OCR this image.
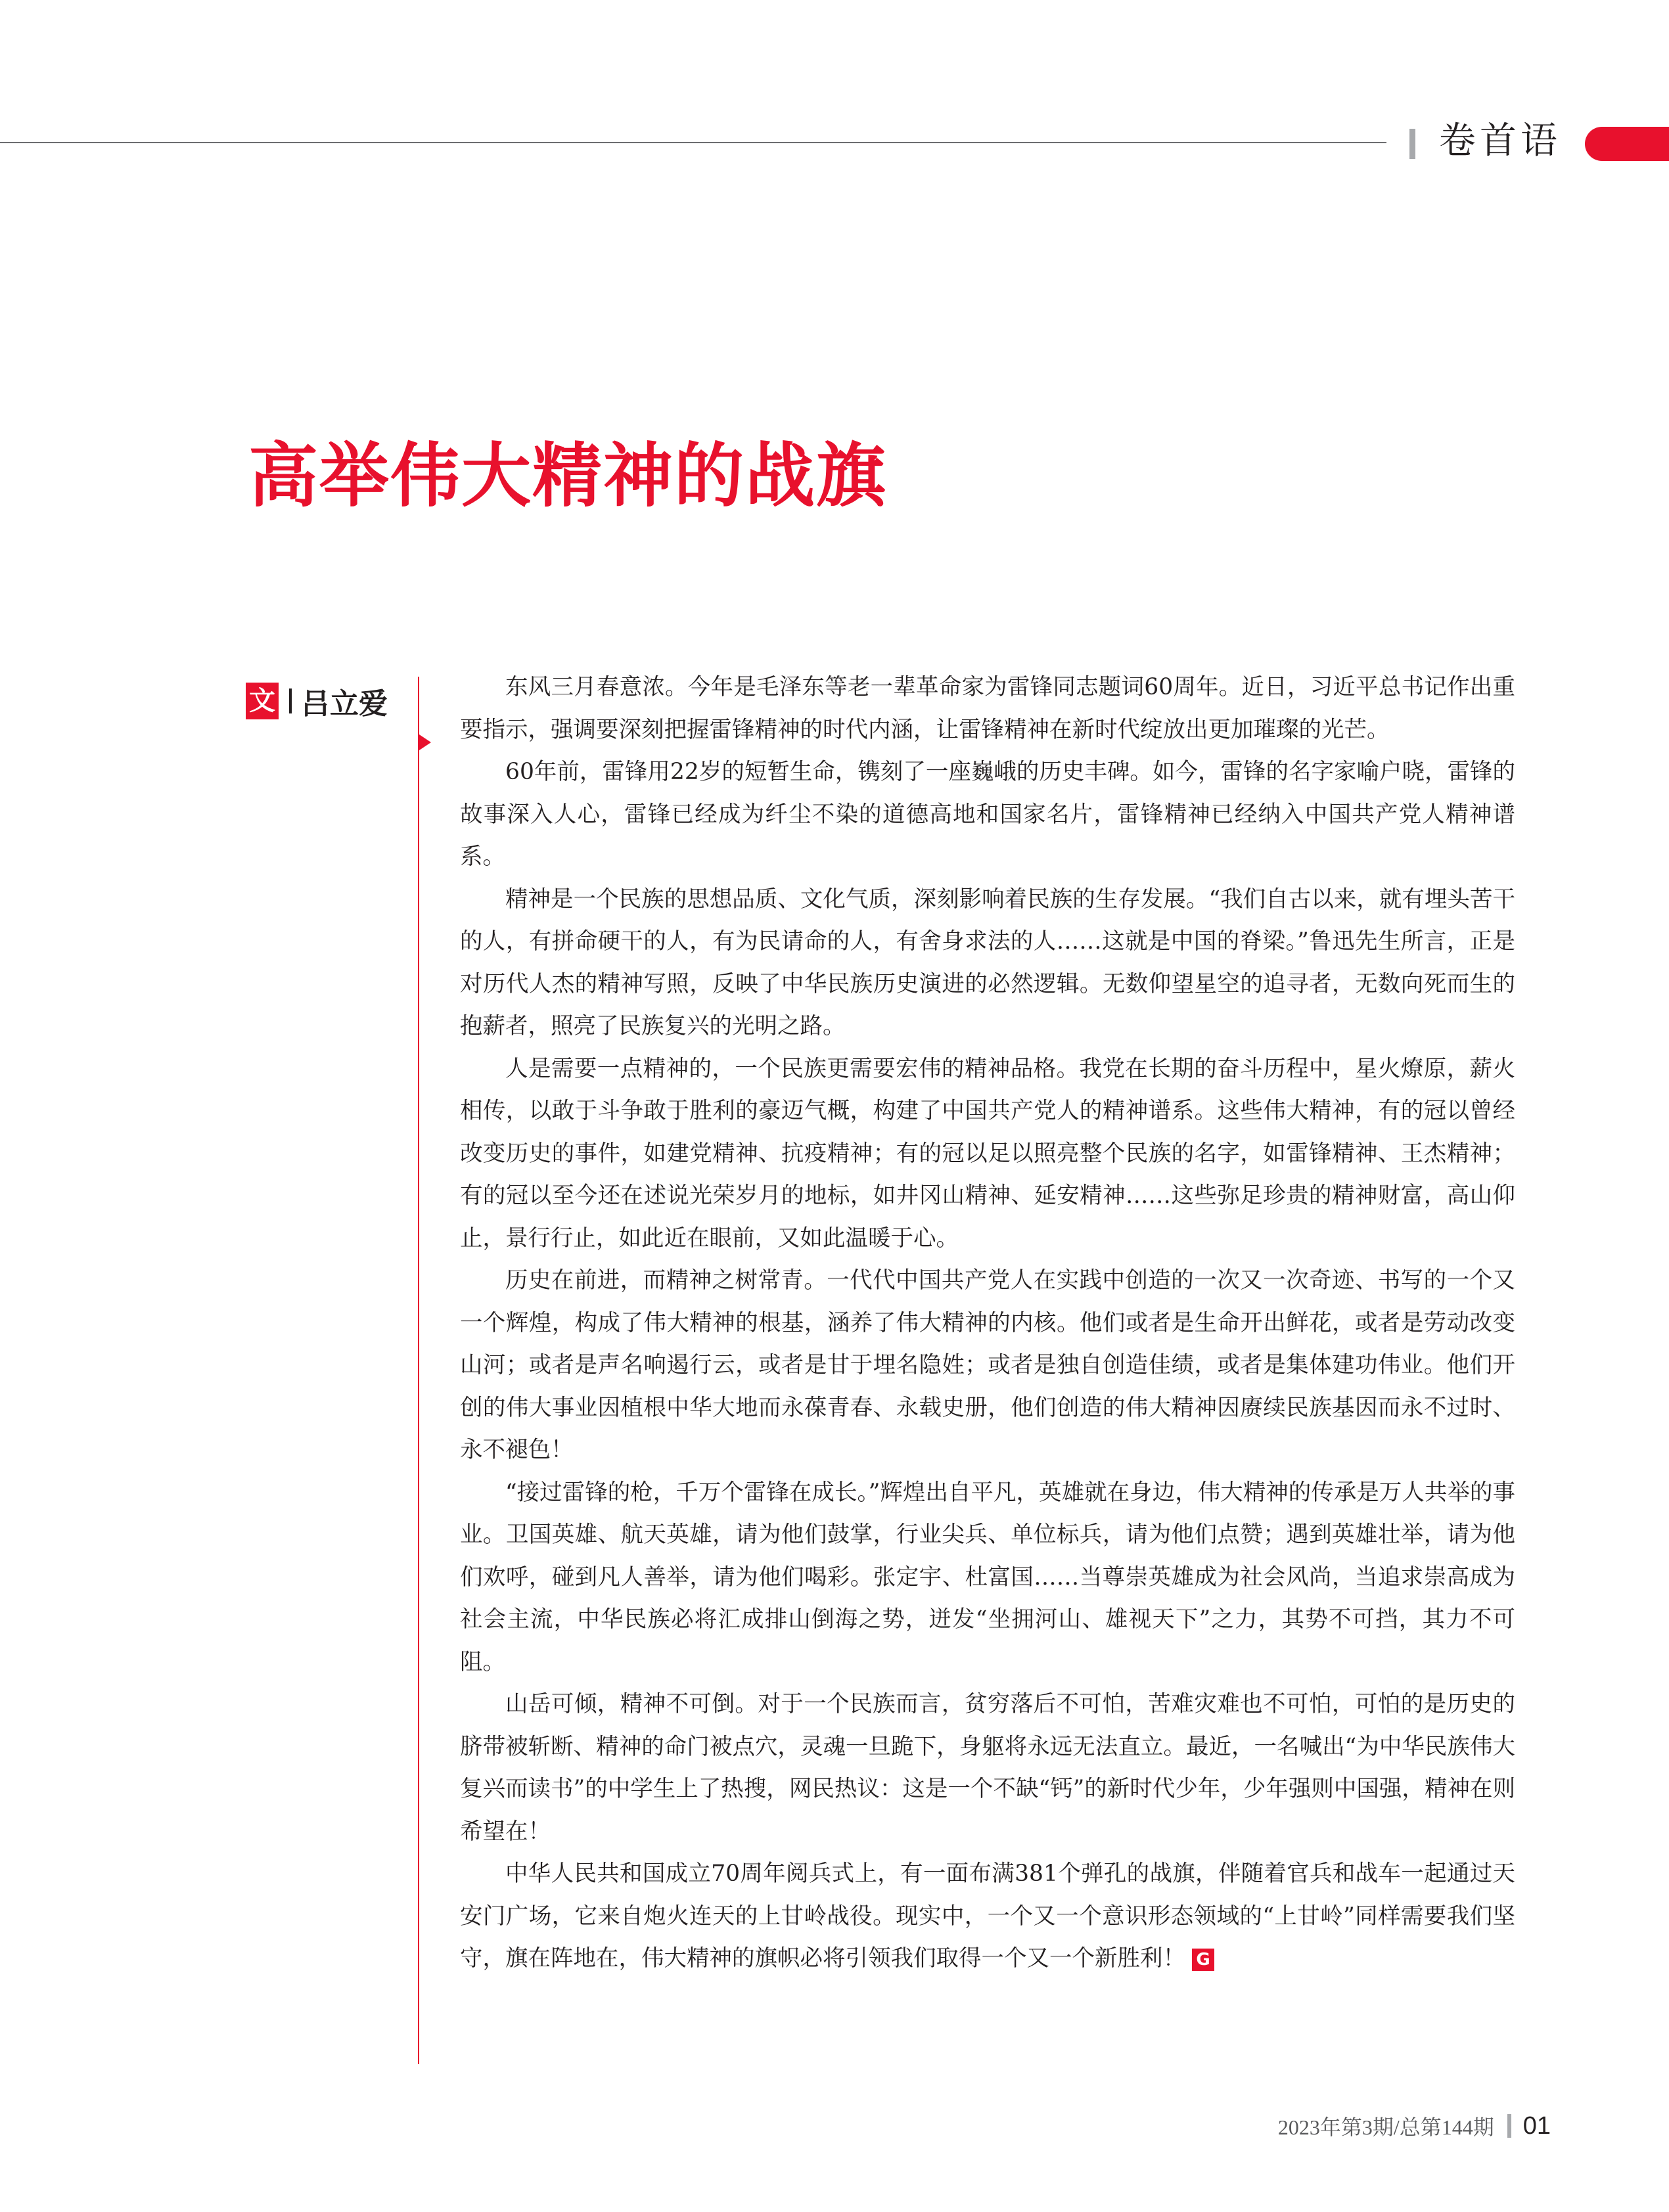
卷首语
高举伟大精神的战旗
文 吕立爱	东风三月春意浓。今年是毛泽东等老一辈革命家为雷锋同志题词60周年。近日，习近平总书记作出重要指示，强调要深刻把握雷锋精神的时代内涵，让雷锋精神在新时代绽放出更加璀璨的光芒。

60年前，雷锋用22岁的短暂生命，镌刻了一座巍峨的历史丰碑。如今，雷锋的名字家喻户晓，雷锋的故事深入人心，雷锋已经成为纤尘不染的道德高地和国家名片，雷锋精神已经纳入中国共产党人精神谱系。

精神是一个民族的思想品质、文化气质，深刻影响着民族的生存发展。“我们自古以来，就有埋头苦干的人，有拼命硬干的人，有为民请命的人，有舍身求法的人……这就是中国的脊梁。”鲁迅先生所言，正是对历代人杰的精神写照，反映了中华民族历史演进的必然逻辑。无数仰望星空的追寻者，无数向死而生的抱薪者，照亮了民族复兴的光明之路。

人是需要一点精神的，一个民族更需要宏伟的精神品格。我党在长期的奋斗历程中，星火燎原，薪火相传，以敢于斗争敢于胜利的豪迈气概，构建了中国共产党人的精神谱系。这些伟大精神，有的冠以曾经改变历史的事件，如建党精神、抗疫精神；有的冠以足以照亮整个民族的名字，如雷锋精神、王杰精神；有的冠以至今还在述说光荣岁月的地标，如井冈山精神、延安精神……这些弥足珍贵的精神财富，高山仰止，景行行止，如此近在眼前，又如此温暖于心。

历史在前进，而精神之树常青。一代代中国共产党人在实践中创造的一次又一次奇迹、书写的一个又一个辉煌，构成了伟大精神的根基，涵养了伟大精神的内核。他们或者是生命开出鲜花，或者是劳动改变山河；或者是声名响遏行云，或者是甘于埋名隐姓；或者是独自创造佳绩，或者是集体建功伟业。他们开创的伟大事业因植根中华大地而永葆青春、永载史册，他们创造的伟大精神因赓续民族基因而永不过时、永不褪色！

“接过雷锋的枪，千万个雷锋在成长。”辉煌出自平凡，英雄就在身边，伟大精神的传承是万人共举的事业。卫国英雄、航天英雄，请为他们鼓掌，行业尖兵、单位标兵，请为他们点赞；遇到英雄壮举，请为他们欢呼，碰到凡人善举，请为他们喝彩。张定宇、杜富国……当尊崇英雄成为社会风尚，当追求崇高成为社会主流，中华民族必将汇成排山倒海之势，迸发“坐拥河山、雄视天下”之力，其势不可挡，其力不可阻。

山岳可倾，精神不可倒。对于一个民族而言，贫穷落后不可怕，苦难灾难也不可怕，可怕的是历史的脐带被斩断、精神的命门被点穴，灵魂一旦跪下，身躯将永远无法直立。最近，一名喊出“为中华民族伟大复兴而读书”的中学生上了热搜，网民热议：这是一个不缺“钙”的新时代少年，少年强则中国强，精神在则希望在！

中华人民共和国成立70周年阅兵式上，有一面布满381个弹孔的战旗，伴随着官兵和战车一起通过天安门广场，它来自炮火连天的上甘岭战役。现实中，一个又一个意识形态领域的“上甘岭”同样需要我们坚守，旗在阵地在，伟大精神的旗帜必将引领我们取得一个又一个新胜利！ G

2023年第3期/总第144期 01
